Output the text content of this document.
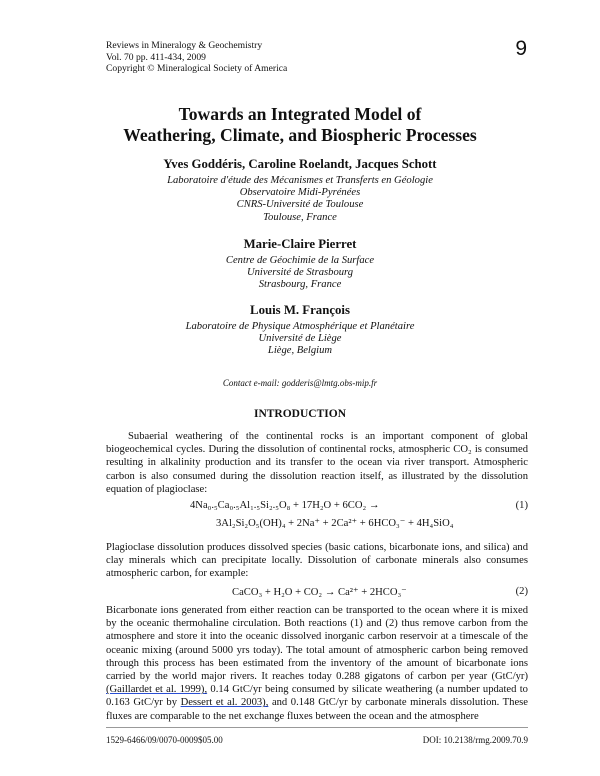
Reviews in Mineralogy & Geochemistry
Vol. 70 pp. 411-434, 2009
Copyright © Mineralogical Society of America
9
Towards an Integrated Model of
Weathering, Climate, and Biospheric Processes
Yves Goddéris, Caroline Roelandt, Jacques Schott
Laboratoire d'étude des Mécanismes et Transferts en Géologie
Observatoire Midi-Pyrénées
CNRS-Université de Toulouse
Toulouse, France
Marie-Claire Pierret
Centre de Géochimie de la Surface
Université de Strasbourg
Strasbourg, France
Louis M. François
Laboratoire de Physique Atmosphérique et Planétaire
Université de Liège
Liège, Belgium
Contact e-mail: godderis@lmtg.obs-mip.fr
INTRODUCTION
Subaerial weathering of the continental rocks is an important component of global biogeochemical cycles. During the dissolution of continental rocks, atmospheric CO₂ is consumed resulting in alkalinity production and its transfer to the ocean via river transport. Atmospheric carbon is also consumed during the dissolution reaction itself, as illustrated by the dissolution equation of plagioclase:
4Na₀.₅Ca₀.₅Al₁.₅Si₂.₅O₈ + 17H₂O + 6CO₂ →
3Al₂Si₂O₅(OH)₄ + 2Na⁺ + 2Ca²⁺ + 6HCO₃⁻ + 4H₄SiO₄
(1)
Plagioclase dissolution produces dissolved species (basic cations, bicarbonate ions, and silica) and clay minerals which can precipitate locally. Dissolution of carbonate minerals also consumes atmospheric carbon, for example:
CaCO₃ + H₂O + CO₂ → Ca²⁺ + 2HCO₃⁻	(2)
Bicarbonate ions generated from either reaction can be transported to the ocean where it is mixed by the oceanic thermohaline circulation. Both reactions (1) and (2) thus remove carbon from the atmosphere and store it into the oceanic dissolved inorganic carbon reservoir at a timescale of the oceanic mixing (around 5000 yrs today). The total amount of atmospheric carbon being removed through this process has been estimated from the inventory of the amount of bicarbonate ions carried by the world major rivers. It reaches today 0.288 gigatons of carbon per year (GtC/yr) (Gaillardet et al. 1999), 0.14 GtC/yr being consumed by silicate weathering (a number updated to 0.163 GtC/yr by Dessert et al. 2003), and 0.148 GtC/yr by carbonate minerals dissolution. These fluxes are comparable to the net exchange fluxes between the ocean and the atmosphere
1529-6466/09/0070-0009$05.00	DOI: 10.2138/rmg.2009.70.9
